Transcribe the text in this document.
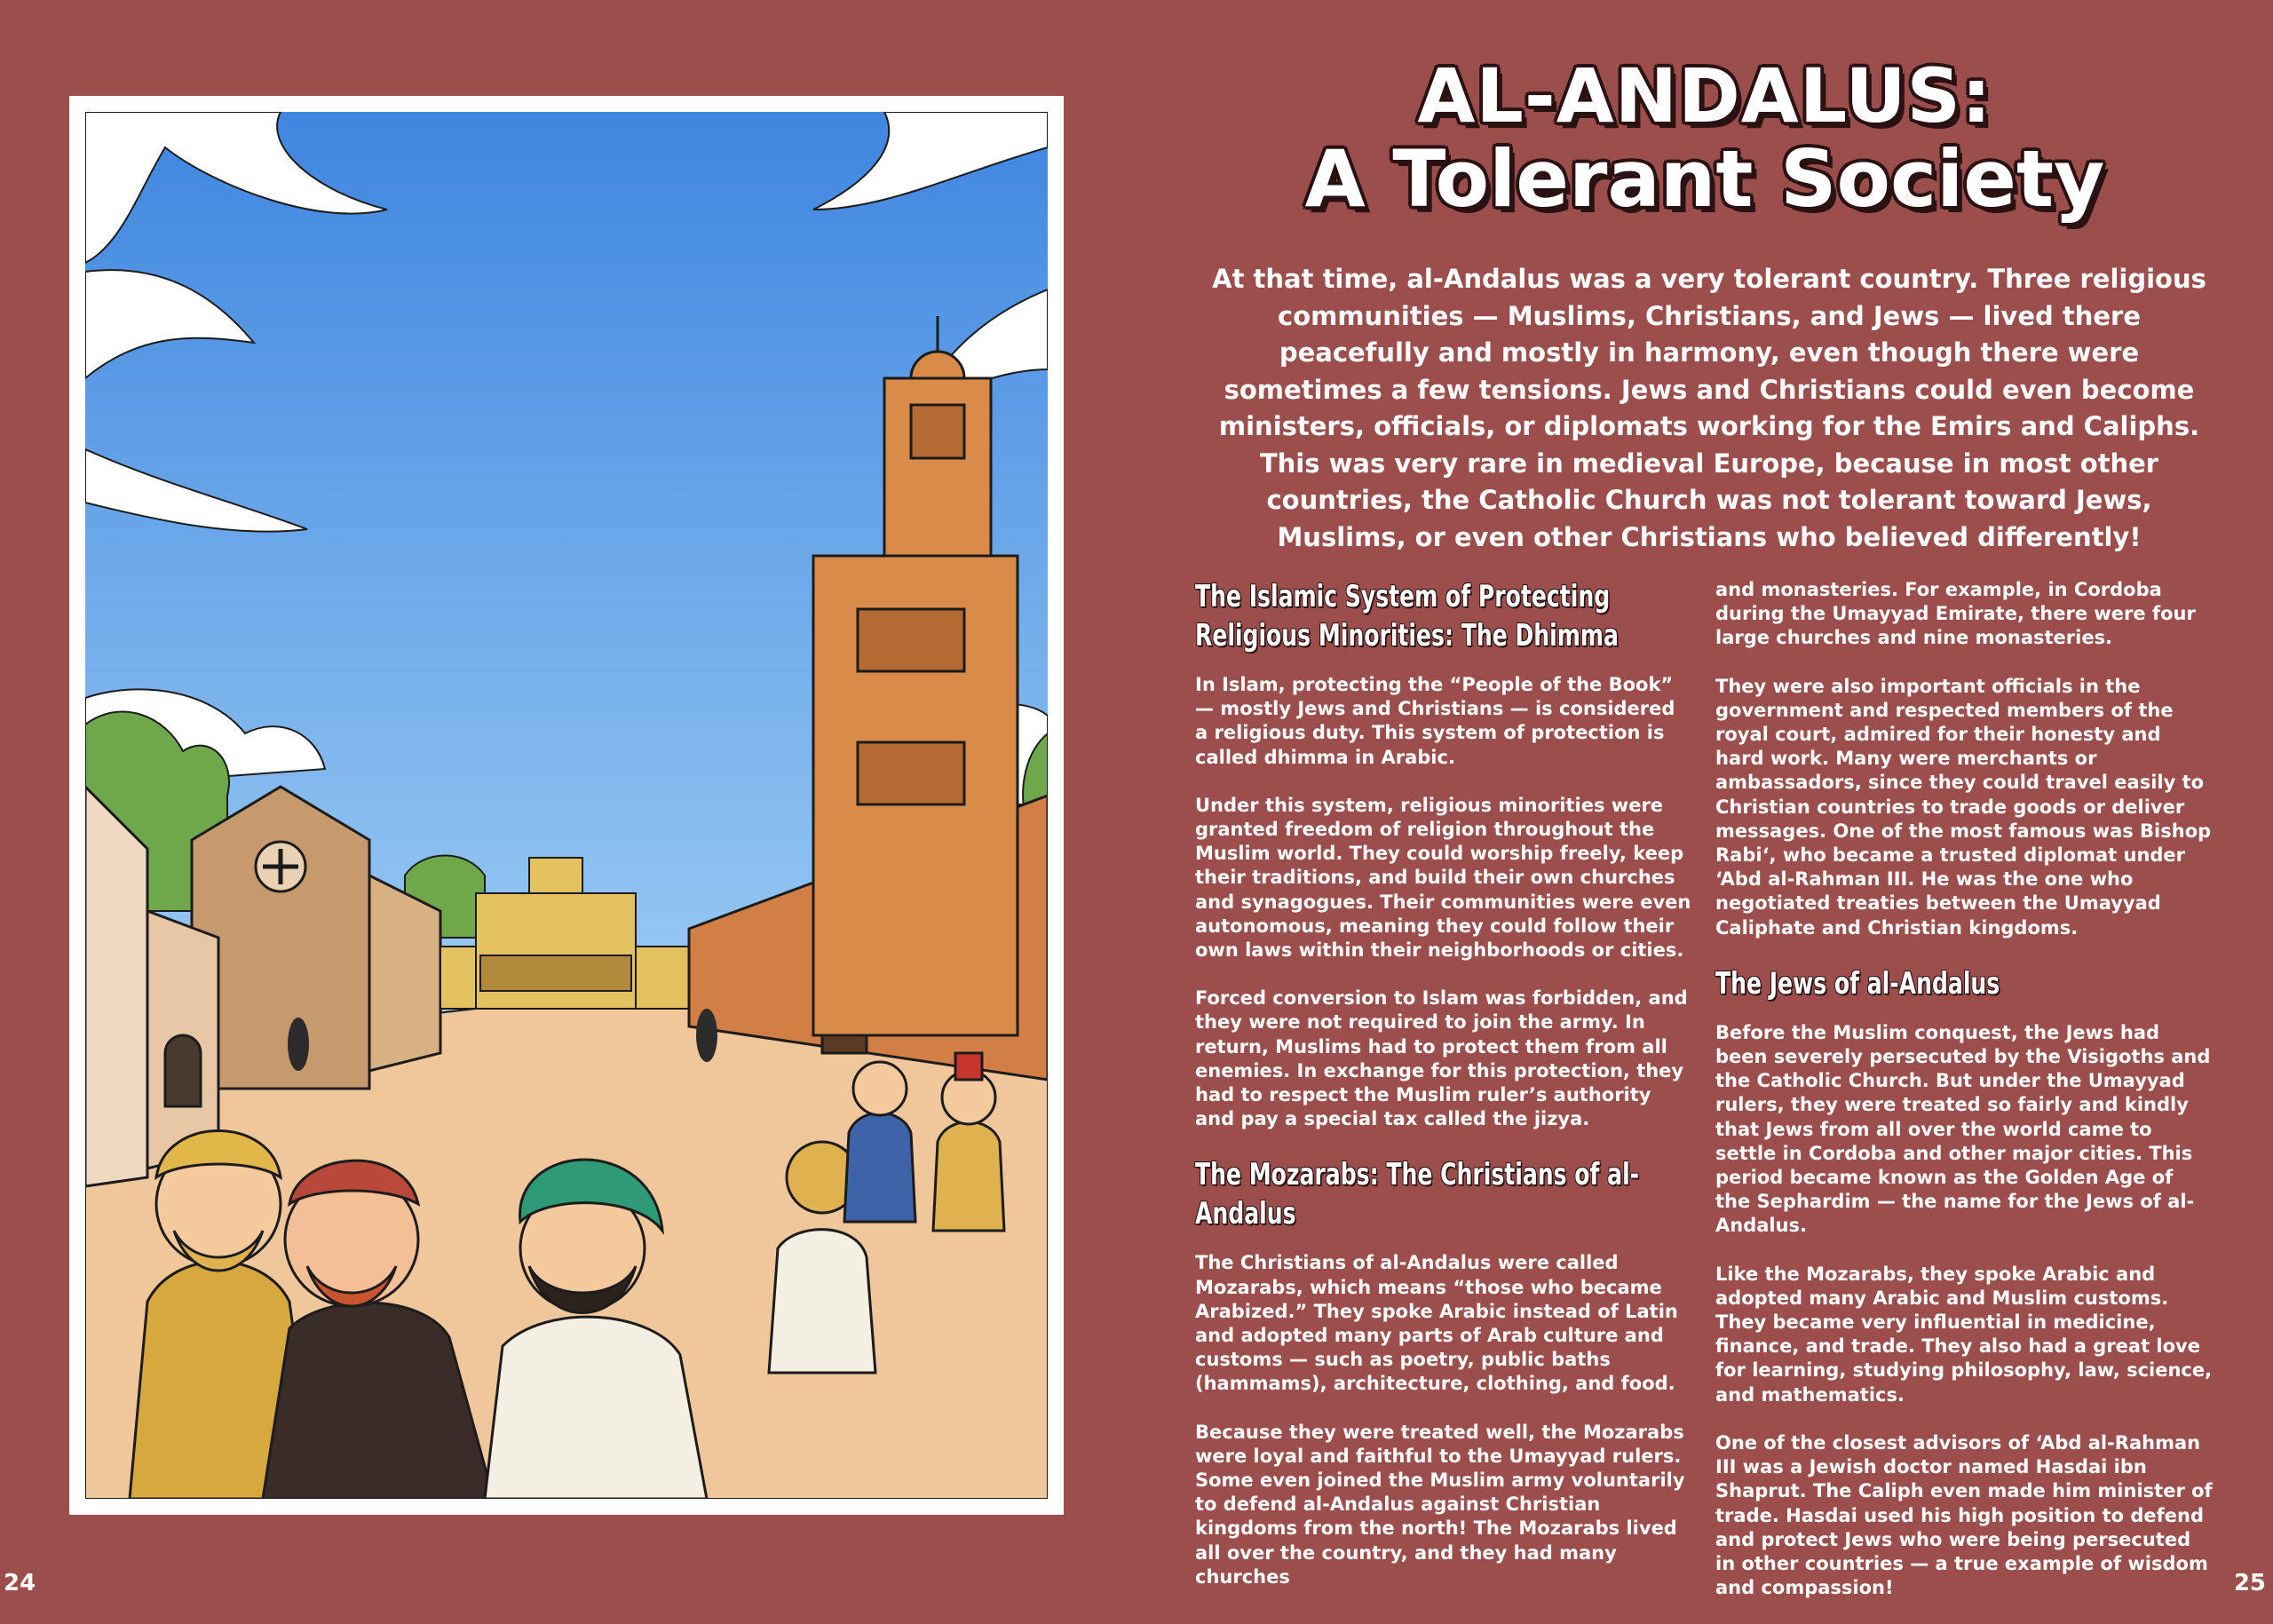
AL-ANDALUS:
A Tolerant Society
At that time, al-Andalus was a very tolerant country. Three religious communities — Muslims, Christians, and Jews — lived there peacefully and mostly in harmony, even though there were sometimes a few tensions. Jews and Christians could even become ministers, officials, or diplomats working for the Emirs and Caliphs. This was very rare in medieval Europe, because in most other countries, the Catholic Church was not tolerant toward Jews, Muslims, or even other Christians who believed differently!
The Islamic System of Protecting Religious Minorities: The Dhimma

In Islam, protecting the “People of the Book” — mostly Jews and Christians — is considered a religious duty. This system of protection is called dhimma in Arabic.

Under this system, religious minorities were granted freedom of religion throughout the Muslim world. They could worship freely, keep their traditions, and build their own churches and synagogues. Their communities were even autonomous, meaning they could follow their own laws within their neighborhoods or cities.

Forced conversion to Islam was forbidden, and they were not required to join the army. In return, Muslims had to protect them from all enemies. In exchange for this protection, they had to respect the Muslim ruler’s authority and pay a special tax called the jizya.

The Mozarabs: The Christians of al-Andalus

The Christians of al-Andalus were called Mozarabs, which means “those who became Arabized.” They spoke Arabic instead of Latin and adopted many parts of Arab culture and customs — such as poetry, public baths (hammams), architecture, clothing, and food.

Because they were treated well, the Mozarabs were loyal and faithful to the Umayyad rulers. Some even joined the Muslim army voluntarily to defend al-Andalus against Christian kingdoms from the north! The Mozarabs lived all over the country, and they had many churches

and monasteries. For example, in Cordoba during the Umayyad Emirate, there were four large churches and nine monasteries.

They were also important officials in the government and respected members of the royal court, admired for their honesty and hard work. Many were merchants or ambassadors, since they could travel easily to Christian countries to trade goods or deliver messages. One of the most famous was Bishop Rabi‘, who became a trusted diplomat under ‘Abd al-Rahman III. He was the one who negotiated treaties between the Umayyad Caliphate and Christian kingdoms.

The Jews of al-Andalus

Before the Muslim conquest, the Jews had been severely persecuted by the Visigoths and the Catholic Church. But under the Umayyad rulers, they were treated so fairly and kindly that Jews from all over the world came to settle in Cordoba and other major cities. This period became known as the Golden Age of the Sephardim — the name for the Jews of al-Andalus.

Like the Mozarabs, they spoke Arabic and adopted many Arabic and Muslim customs. They became very influential in medicine, finance, and trade. They also had a great love for learning, studying philosophy, law, science, and mathematics.

One of the closest advisors of ‘Abd al-Rahman III was a Jewish doctor named Hasdai ibn Shaprut. The Caliph even made him minister of trade. Hasdai used his high position to defend and protect Jews who were being persecuted in other countries — a true example of wisdom and compassion!

24	25
